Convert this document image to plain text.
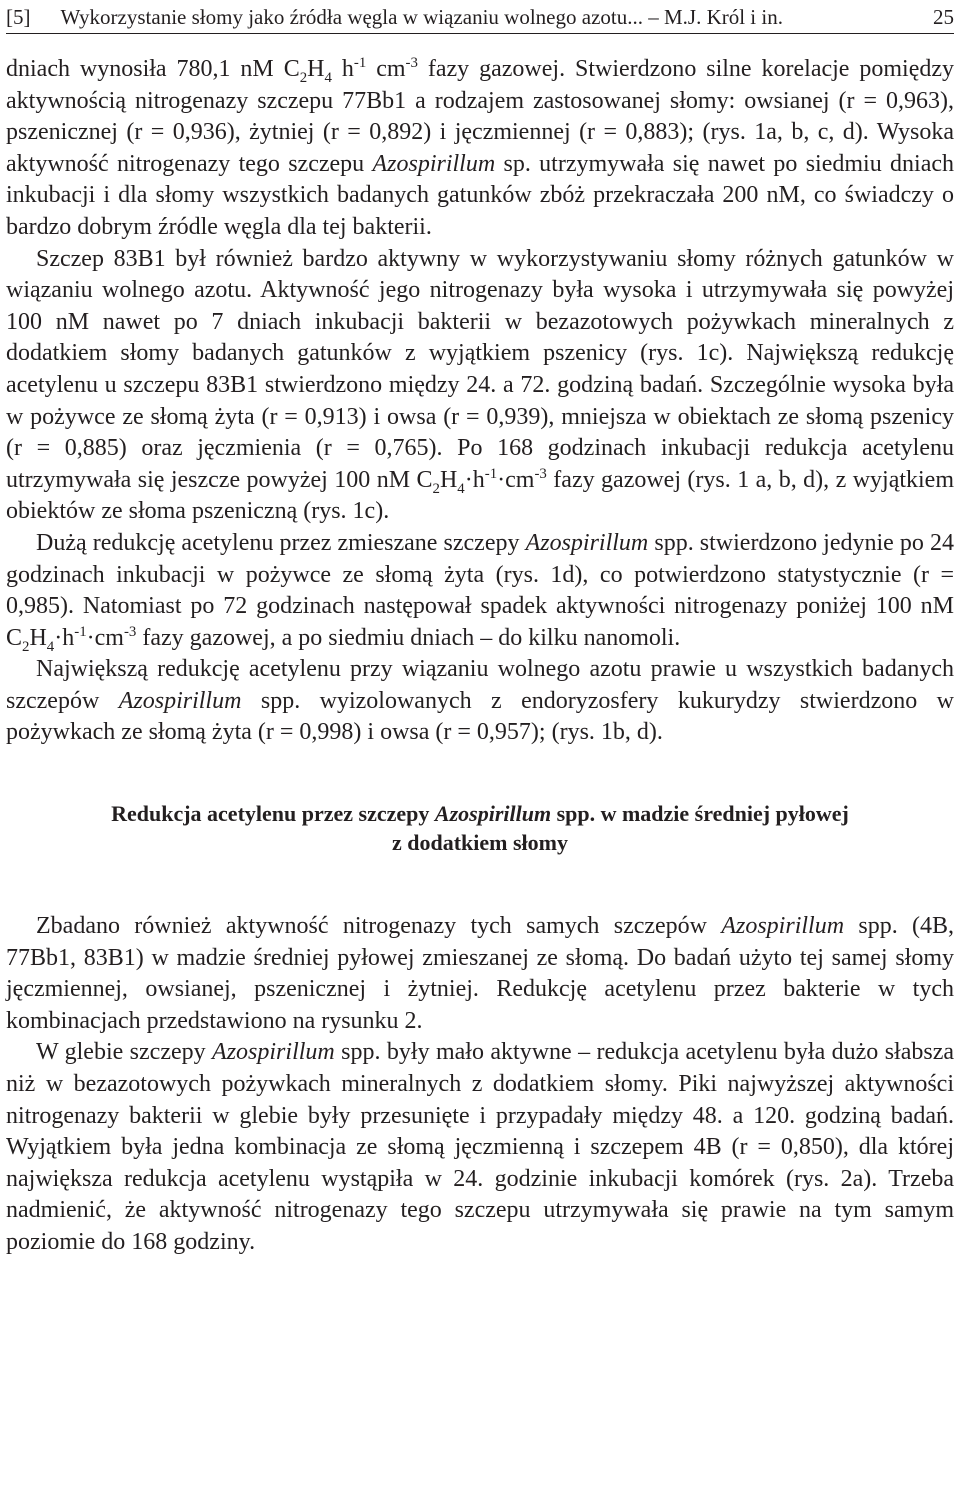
[5] Wykorzystanie słomy jako źródła węgla w wiązaniu wolnego azotu... – M.J. Król i in.	25

dniach wynosiła 780,1 nM $C_2H_4$ $h^{-1}$ $cm^{-3}$ fazy gazowej. Stwierdzono silne korelacje pomiędzy aktywnością nitrogenazy szczepu 77Bb1 a rodzajem zastosowanej słomy: owsianej (r = 0,963), pszenicznej (r = 0,936), żytniej (r = 0,892) i jęczmiennej (r = 0,883); (rys. 1a, b, c, d). Wysoka aktywność nitrogenazy tego szczepu Azospirillum sp. utrzymywała się nawet po siedmiu dniach inkubacji i dla słomy wszystkich badanych gatunków zbóż przekraczała 200 nM, co świadczy o bardzo dobrym źródle węgla dla tej bakterii.

Szczep 83B1 był również bardzo aktywny w wykorzystywaniu słomy różnych gatunków w wiązaniu wolnego azotu. Aktywność jego nitrogenazy była wysoka i utrzymywała się powyżej 100 nM nawet po 7 dniach inkubacji bakterii w bezazotowych pożywkach mineralnych z dodatkiem słomy badanych gatunków z wyjątkiem pszenicy (rys. 1c). Największą redukcję acetylenu u szczepu 83B1 stwierdzono między 24. a 72. godziną badań. Szczególnie wysoka była w pożywce ze słomą żyta (r = 0,913) i owsa (r = 0,939), mniejsza w obiektach ze słomą pszenicy (r = 0,885) oraz jęczmienia (r = 0,765). Po 168 godzinach inkubacji redukcja acetylenu utrzymywała się jeszcze powyżej 100 nM $C_2H_4\cdot h^{-1}\cdot cm^{-3}$ fazy gazowej (rys. 1 a, b, d), z wyjątkiem obiektów ze słoma pszeniczną (rys. 1c).

Dużą redukcję acetylenu przez zmieszane szczepy Azospirillum spp. stwierdzono jedynie po 24 godzinach inkubacji w pożywce ze słomą żyta (rys. 1d), co potwierdzono statystycznie (r = 0,985). Natomiast po 72 godzinach następował spadek aktywności nitrogenazy poniżej 100 nM $C_2H_4\cdot h^{-1}\cdot cm^{-3}$ fazy gazowej, a po siedmiu dniach – do kilku nanomoli.

Największą redukcję acetylenu przy wiązaniu wolnego azotu prawie u wszystkich badanych szczepów Azospirillum spp. wyizolowanych z endoryzosfery kukurydzy stwierdzono w pożywkach ze słomą żyta (r = 0,998) i owsa (r = 0,957); (rys. 1b, d).

Redukcja acetylenu przez szczepy Azospirillum spp. w madzie średniej pyłowej
z dodatkiem słomy

Zbadano również aktywność nitrogenazy tych samych szczepów Azospirillum spp. (4B, 77Bb1, 83B1) w madzie średniej pyłowej zmieszanej ze słomą. Do badań użyto tej samej słomy jęczmiennej, owsianej, pszenicznej i żytniej. Redukcję acetylenu przez bakterie w tych kombinacjach przedstawiono na rysunku 2.

W glebie szczepy Azospirillum spp. były mało aktywne – redukcja acetylenu była dużo słabsza niż w bezazotowych pożywkach mineralnych z dodatkiem słomy. Piki najwyższej aktywności nitrogenazy bakterii w glebie były przesunięte i przypadały między 48. a 120. godziną badań. Wyjątkiem była jedna kombinacja ze słomą jęczmienną i szczepem 4B (r = 0,850), dla której największa redukcja acetylenu wystąpiła w 24. godzinie inkubacji komórek (rys. 2a). Trzeba nadmienić, że aktywność nitrogenazy tego szczepu utrzymywała się prawie na tym samym poziomie do 168 godziny.
